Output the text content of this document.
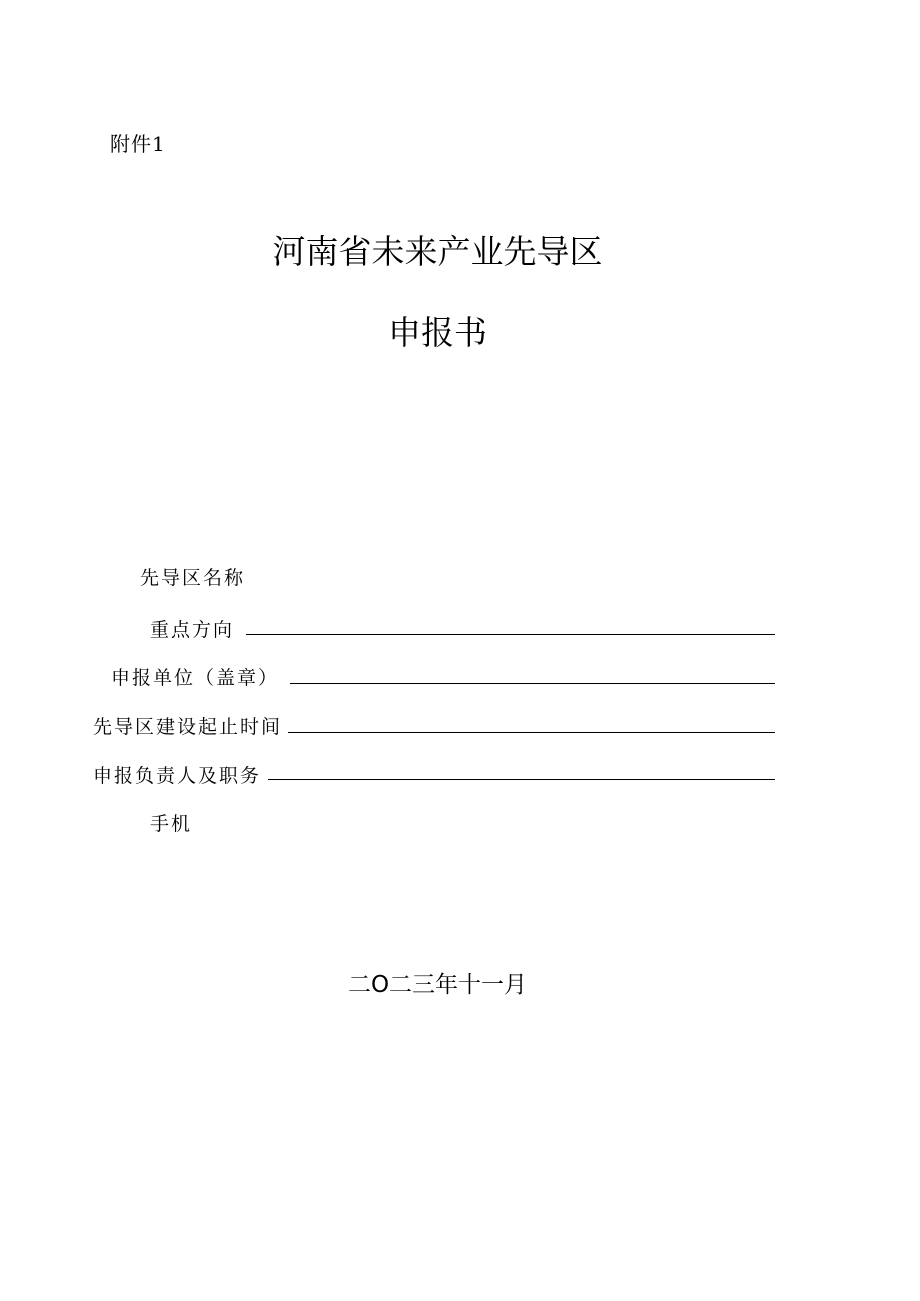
附件1
河南省未来产业先导区
申报书
先导区名称
重点方向
申报单位（盖章）
先导区建设起止时间
申报负责人及职务
手机
二O二三年十一月
